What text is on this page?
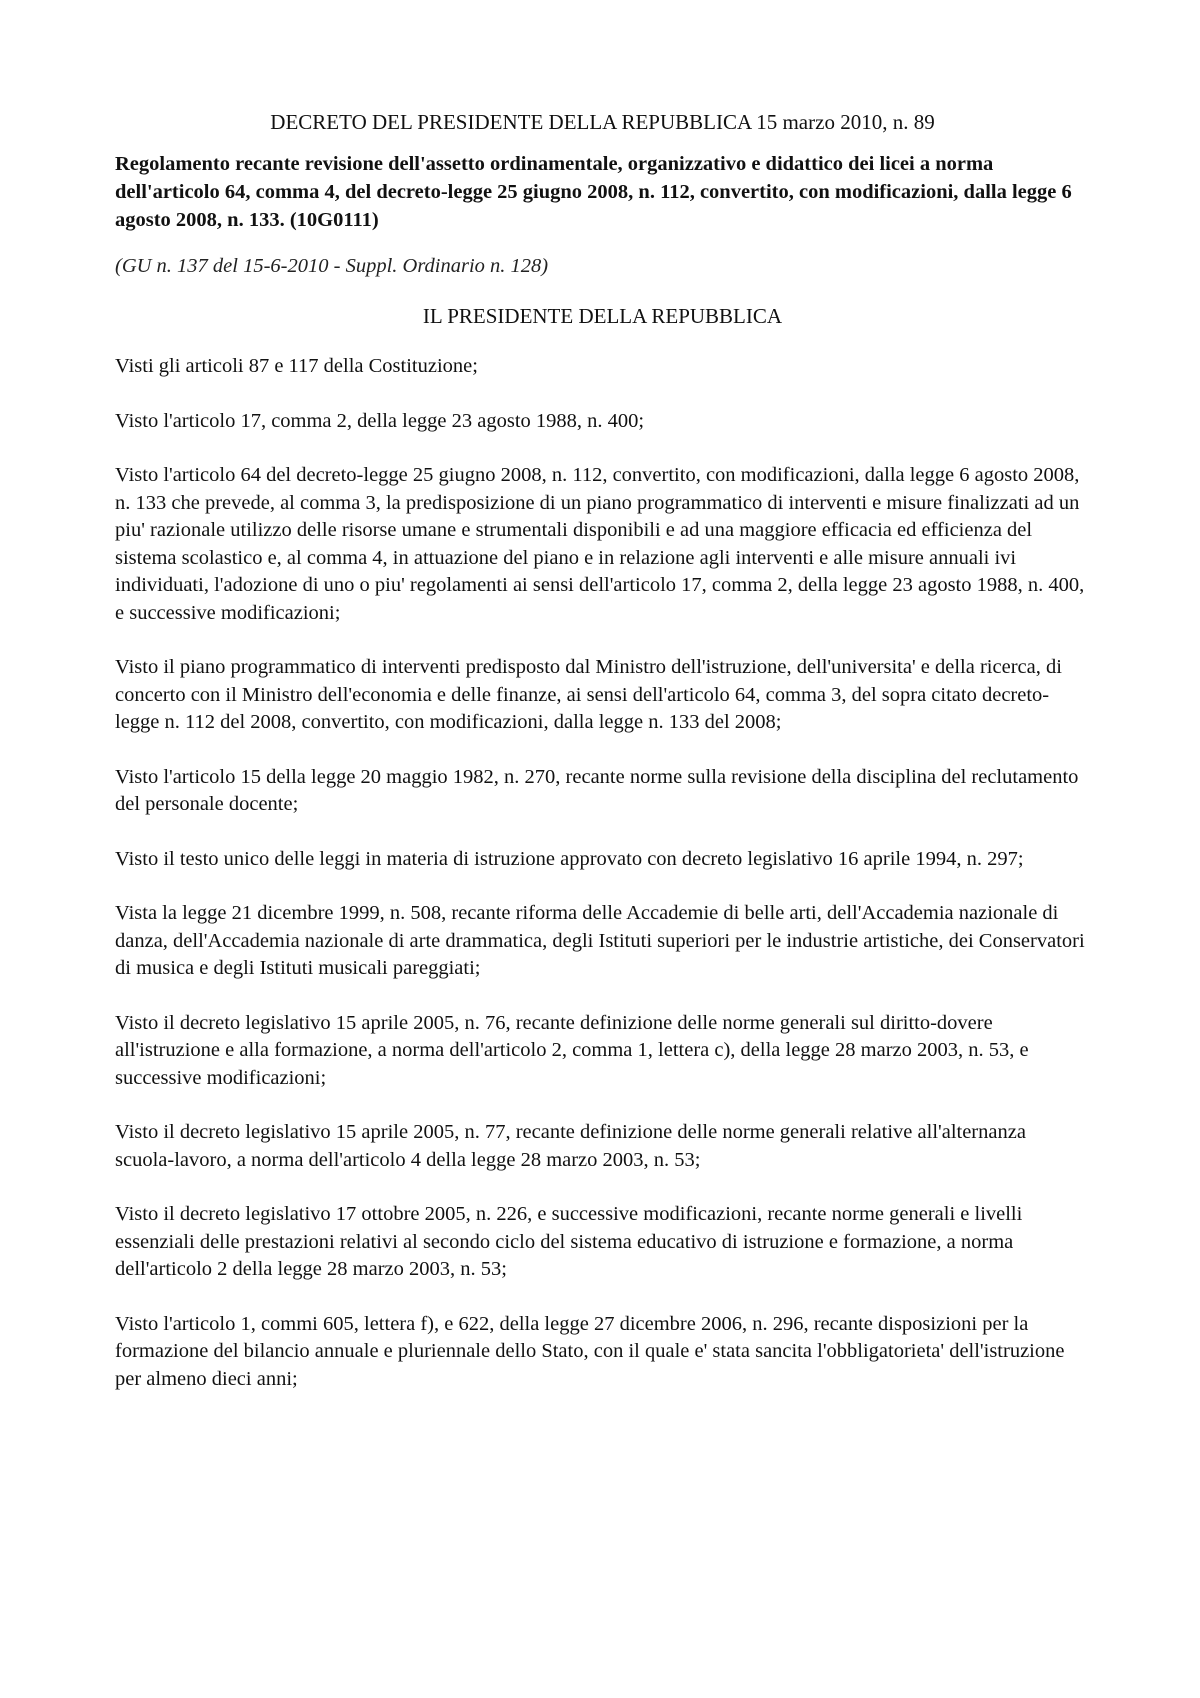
DECRETO DEL PRESIDENTE DELLA REPUBBLICA 15 marzo 2010, n. 89

Regolamento recante revisione dell'assetto ordinamentale, organizzativo e didattico dei licei a norma dell'articolo 64, comma 4, del decreto-legge 25 giugno 2008, n. 112, convertito, con modificazioni, dalla legge 6 agosto 2008, n. 133. (10G0111)

(GU n. 137 del 15-6-2010 - Suppl. Ordinario n. 128)

IL PRESIDENTE DELLA REPUBBLICA

Visti gli articoli 87 e 117 della Costituzione;

Visto l'articolo 17, comma 2, della legge 23 agosto 1988, n. 400;

Visto l'articolo 64 del decreto-legge 25 giugno 2008, n. 112, convertito, con modificazioni, dalla legge 6 agosto 2008, n. 133 che prevede, al comma 3, la predisposizione di un piano programmatico di interventi e misure finalizzati ad un piu' razionale utilizzo delle risorse umane e strumentali disponibili e ad una maggiore efficacia ed efficienza del sistema scolastico e, al comma 4, in attuazione del piano e in relazione agli interventi e alle misure annuali ivi individuati, l'adozione di uno o piu' regolamenti ai sensi dell'articolo 17, comma 2, della legge 23 agosto 1988, n. 400, e successive modificazioni;

Visto il piano programmatico di interventi predisposto dal Ministro dell'istruzione, dell'universita' e della ricerca, di concerto con il Ministro dell'economia e delle finanze, ai sensi dell'articolo 64, comma 3, del sopra citato decreto-legge n. 112 del 2008, convertito, con modificazioni, dalla legge n. 133 del 2008;

Visto l'articolo 15 della legge 20 maggio 1982, n. 270, recante norme sulla revisione della disciplina del reclutamento del personale docente;

Visto il testo unico delle leggi in materia di istruzione approvato con decreto legislativo 16 aprile 1994, n. 297;

Vista la legge 21 dicembre 1999, n. 508, recante riforma delle Accademie di belle arti, dell'Accademia nazionale di danza, dell'Accademia nazionale di arte drammatica, degli Istituti superiori per le industrie artistiche, dei Conservatori di musica e degli Istituti musicali pareggiati;

Visto il decreto legislativo 15 aprile 2005, n. 76, recante definizione delle norme generali sul diritto-dovere all'istruzione e alla formazione, a norma dell'articolo 2, comma 1, lettera c), della legge 28 marzo 2003, n. 53, e successive modificazioni;

Visto il decreto legislativo 15 aprile 2005, n. 77, recante definizione delle norme generali relative all'alternanza scuola-lavoro, a norma dell'articolo 4 della legge 28 marzo 2003, n. 53;

Visto il decreto legislativo 17 ottobre 2005, n. 226, e successive modificazioni, recante norme generali e livelli essenziali delle prestazioni relativi al secondo ciclo del sistema educativo di istruzione e formazione, a norma dell'articolo 2 della legge 28 marzo 2003, n. 53;

Visto l'articolo 1, commi 605, lettera f), e 622, della legge 27 dicembre 2006, n. 296, recante disposizioni per la formazione del bilancio annuale e pluriennale dello Stato, con il quale e' stata sancita l'obbligatorieta' dell'istruzione per almeno dieci anni;
